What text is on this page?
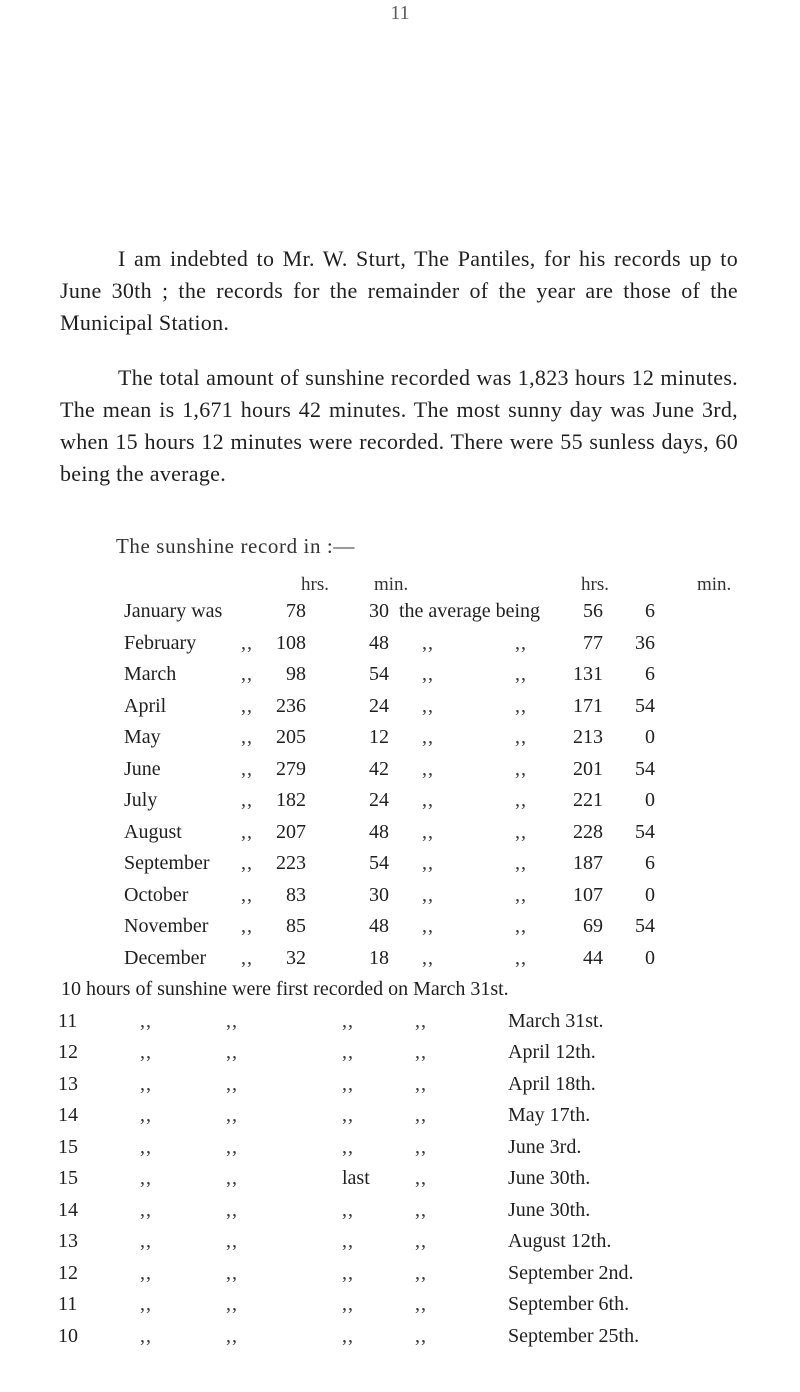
11

I am indebted to Mr. W. Sturt, The Pantiles, for his records up to June 30th ; the records for the remainder of the year are those of the Municipal Station.

The total amount of sunshine recorded was 1,823 hours 12 minutes. The mean is 1,671 hours 42 minutes. The most sunny day was June 3rd, when 15 hours 12 minutes were recorded. There were 55 sunless days, 60 being the average.

The sunshine record in :—
hrs. min.	hrs.	min.
January was	78	30 the average being	56	6
February ,,	108	48 ,,	,,	77	36
March	,,	98	54 ,,	,,	131	6
April	,,	236	24 ,,	,,	171	54
May	,,	205	12 ,,	,,	213	0
June	,,	279	42 ,,	,,	201	54
July	,,	182	24 ,,	,,	221	0
August	,,	207	48 ,,	,,	228	54
September ,,	223	54 ,,	,,	187	6
October	,,	83	30 ,,	,,	107	0
November ,,	85	48 ,,	,,	69	54
December ,,	32	18 ,,	,,	44	0
10 hours of sunshine were first recorded on March 31st.
11	,,	,,	,,	,,	March 31st.
12	,,	,,	,,	,,	April 12th.
13	,,	,,	,,	,,	April 18th.
14	,,	,,	,,	,,	May 17th.
15	,,	,,	,,	,,	June 3rd.
15	,,	,,	last ,,	June 30th.
14	,,	,,	,,	,,	June 30th.
13	,,	,,	,,	,,	August 12th.
12	,,	,,	,,	,,	September 2nd.
11	,,	,,	,,	,,	September 6th.
10	,,	,,	,,	,,	September 25th.
